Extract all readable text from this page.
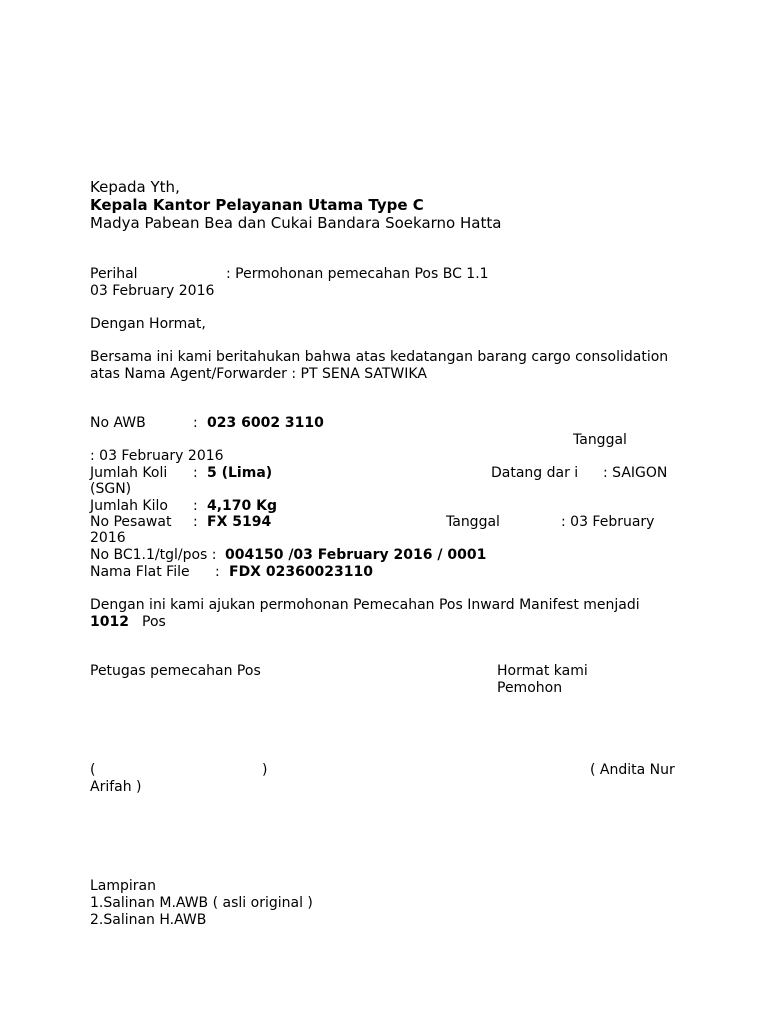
Kepada Yth,
Kepala Kantor Pelayanan Utama Type C
Madya Pabean Bea dan Cukai Bandara Soekarno Hatta
Perihal	: Permohonan pemecahan Pos BC 1.1
03 February 2016
Dengan Hormat,
Bersama ini kami beritahukan bahwa atas kedatangan barang cargo consolidation
atas Nama Agent/Forwarder : PT SENA SATWIKA
No AWB	: 023 6002 3110
Tanggal
: 03 February 2016
Jumlah Koli : 5 (Lima)	Datang dar i : SAIGON
(SGN)
Jumlah Kilo : 4,170 Kg
No Pesawat : FX 5194	Tanggal	: 03 February
2016
No BC1.1/tgl/pos : 004150 /03 February 2016 / 0001
Nama Flat File : FDX 02360023110
Dengan ini kami ajukan permohonan Pemecahan Pos Inward Manifest menjadi
1012 Pos
Petugas pemecahan Pos	Hormat kami
Pemohon
(	)	( Andita Nur
Arifah )
Lampiran
1.Salinan M.AWB ( asli original )
2.Salinan H.AWB
